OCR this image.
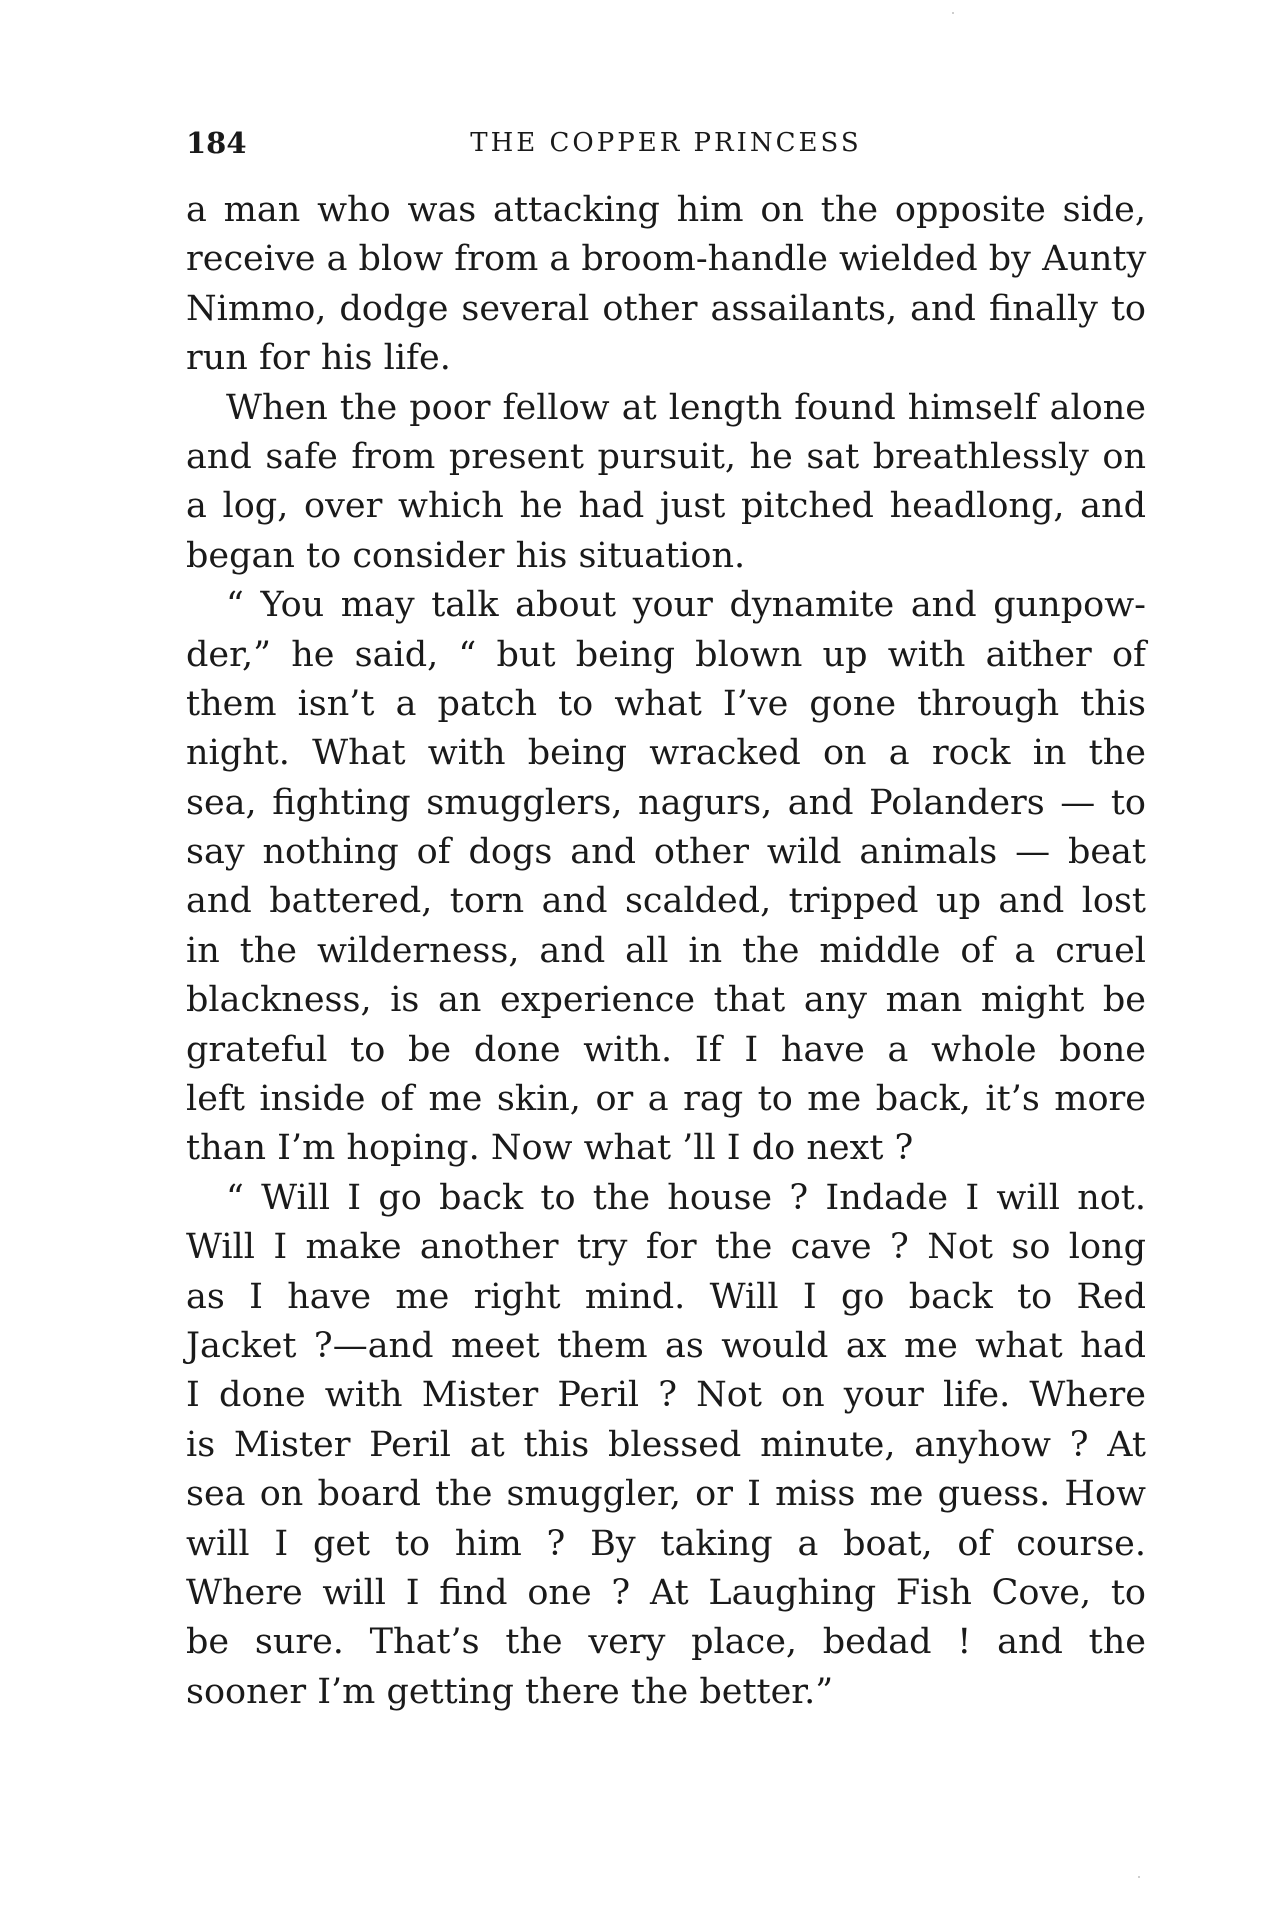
184	THE COPPER PRINCESS
a man who was attacking him on the opposite side,
receive a blow from a broom-handle wielded by Aunty
Nimmo, dodge several other assailants, and finally to
run for his life.
When the poor fellow at length found himself alone
and safe from present pursuit, he sat breathlessly on
a log, over which he had just pitched headlong, and
began to consider his situation.
“ You may talk about your dynamite and gunpow-
der,” he said, “ but being blown up with aither of
them isn’t a patch to what I’ve gone through this
night. What with being wracked on a rock in the
sea, fighting smugglers, nagurs, and Polanders — to
say nothing of dogs and other wild animals — beat
and battered, torn and scalded, tripped up and lost
in the wilderness, and all in the middle of a cruel
blackness, is an experience that any man might be
grateful to be done with. If I have a whole bone
left inside of me skin, or a rag to me back, it’s more
than I’m hoping. Now what ’ll I do next ?
“ Will I go back to the house ? Indade I will not.
Will I make another try for the cave ? Not so long
as I have me right mind. Will I go back to Red
Jacket ?—and meet them as would ax me what had
I done with Mister Peril ? Not on your life. Where
is Mister Peril at this blessed minute, anyhow ? At
sea on board the smuggler, or I miss me guess. How
will I get to him ? By taking a boat, of course.
Where will I find one ? At Laughing Fish Cove, to
be sure. That’s the very place, bedad ! and the
sooner I’m getting there the better.”
